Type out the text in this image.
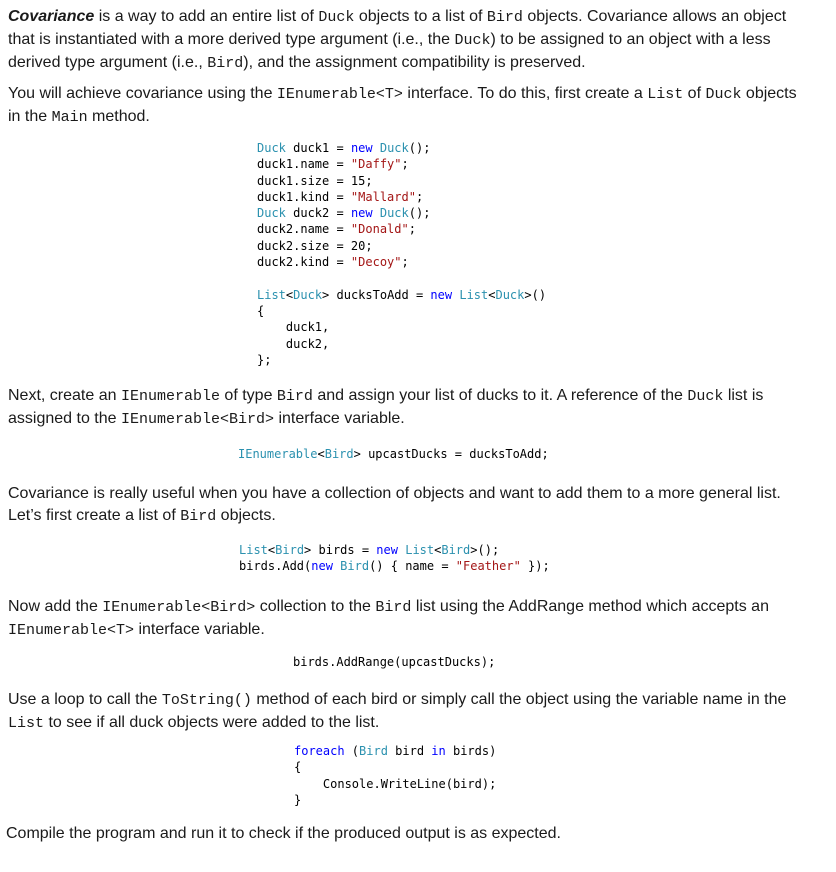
Covariance is a way to add an entire list of Duck objects to a list of Bird objects. Covariance allows an object that is instantiated with a more derived type argument (i.e., the Duck) to be assigned to an object with a less derived type argument (i.e., Bird), and the assignment compatibility is preserved.
You will achieve covariance using the IEnumerable<T> interface. To do this, first create a List of Duck objects in the Main method.
Duck duck1 = new Duck();
duck1.name = "Daffy";
duck1.size = 15;
duck1.kind = "Mallard";
Duck duck2 = new Duck();
duck2.name = "Donald";
duck2.size = 20;
duck2.kind = "Decoy";

List<Duck> ducksToAdd = new List<Duck>()
{
duck1,
duck2,
};
Next, create an IEnumerable of type Bird and assign your list of ducks to it. A reference of the Duck list is assigned to the IEnumerable<Bird> interface variable.
IEnumerable<Bird> upcastDucks = ducksToAdd;
Covariance is really useful when you have a collection of objects and want to add them to a more general list. Let’s first create a list of Bird objects.
List<Bird> birds = new List<Bird>();
birds.Add(new Bird() { name = "Feather" });
Now add the IEnumerable<Bird> collection to the Bird list using the AddRange method which accepts an IEnumerable<T> interface variable.
birds.AddRange(upcastDucks);
Use a loop to call the ToString() method of each bird or simply call the object using the variable name in the List to see if all duck objects were added to the list.
foreach (Bird bird in birds)
{
Console.WriteLine(bird);
}
Compile the program and run it to check if the produced output is as expected.
